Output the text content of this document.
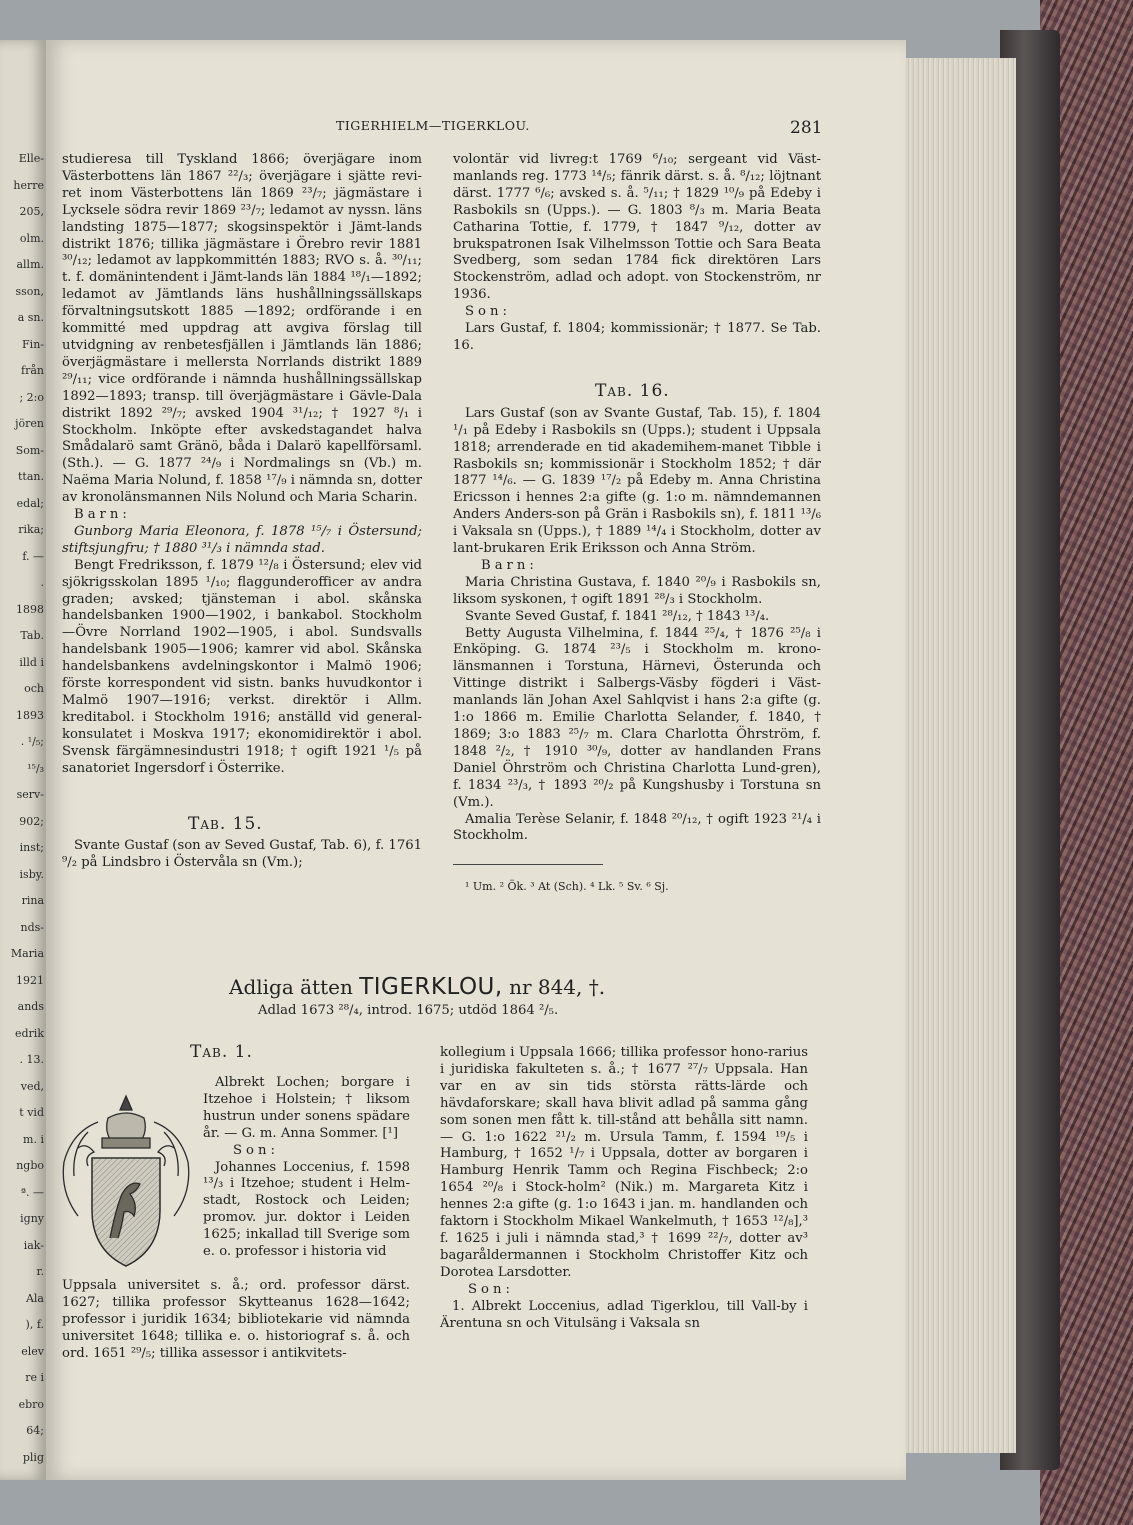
Elle-
herre
205,
olm.
allm.
sson,
a sn.
Fin-
från
; 2:o
jören
Som-
ttan.
edal;
rika;
f. —
.
1898
Tab.
illd i
och
1893
. ¹/₅;
¹⁵/₃
serv-
902;
inst;
isby.
rina
nds-
Maria
1921
ands
edrik
. 13.
ved,
t vid
m. i
ngbo
ª. —
igny
iak-
r.
Ala
), f.
elev
re i
ebro
64;
plig
TIGERHIELM—TIGERKLOU.	281

studieresa till Tyskland 1866; överjägare inom Västerbottens län 1867 ²²/₃; överjägare i sjätte revi-ret inom Västerbottens län 1869 ²³/₇; jägmästare i Lycksele södra revir 1869 ²³/₇; ledamot av nyssn. läns landsting 1875—1877; skogsinspektör i Jämt-lands distrikt 1876; tillika jägmästare i Örebro revir 1881 ³⁰/₁₂; ledamot av lappkommittén 1883; RVO s. å. ³⁰/₁₁; t. f. domänintendent i Jämt-lands län 1884 ¹⁸/₁—1892; ledamot av Jämtlands läns hushållningssällskaps förvaltningsutskott 1885 —1892; ordförande i en kommitté med uppdrag att avgiva förslag till utvidgning av renbetesfjällen i Jämtlands län 1886; överjägmästare i mellersta Norrlands distrikt 1889 ²⁹/₁₁; vice ordförande i nämnda hushållningssällskap 1892—1893; transp. till överjägmästare i Gävle-Dala distrikt 1892 ²⁹/₇; avsked 1904 ³¹/₁₂; † 1927 ⁸/₁ i Stockholm. Inköpte efter avskedstagandet halva Smådalarö samt Gränö, båda i Dalarö kapellförsaml. (Sth.). — G. 1877 ²⁴/₉ i Nordmalings sn (Vb.) m. Naëma Maria Nolund, f. 1858 ¹⁷/₉ i nämnda sn, dotter av kronolänsmannen Nils Nolund och Maria Scharin.

Barn:

Gunborg Maria Eleonora, f. 1878 ¹⁵/₇ i Östersund; stiftsjungfru; † 1880 ³¹/₃ i nämnda stad.

Bengt Fredriksson, f. 1879 ¹²/₈ i Östersund; elev vid sjökrigsskolan 1895 ¹/₁₀; flaggunderofficer av andra graden; avsked; tjänsteman i abol. skånska handelsbanken 1900—1902, i bankabol. Stockholm —Övre Norrland 1902—1905, i abol. Sundsvalls handelsbank 1905—1906; kamrer vid abol. Skånska handelsbankens avdelningskontor i Malmö 1906; förste korrespondent vid sistn. banks huvudkontor i Malmö 1907—1916; verkst. direktör i Allm. kreditabol. i Stockholm 1916; anställd vid general-konsulatet i Moskva 1917; ekonomidirektör i abol. Svensk färgämnesindustri 1918; † ogift 1921 ¹/₅ på sanatoriet Ingersdorf i Österrike.

Tab. 15.

Svante Gustaf (son av Seved Gustaf, Tab. 6), f. 1761 ⁹/₂ på Lindsbro i Östervåla sn (Vm.);

volontär vid livreg:t 1769 ⁶/₁₀; sergeant vid Väst-manlands reg. 1773 ¹⁴/₅; fänrik därst. s. å. ⁸/₁₂; löjtnant därst. 1777 ⁶/₆; avsked s. å. ⁵/₁₁; † 1829 ¹⁰/₉ på Edeby i Rasbokils sn (Upps.). — G. 1803 ⁸/₃ m. Maria Beata Catharina Tottie, f. 1779, † 1847 ⁹/₁₂, dotter av brukspatronen Isak Vilhelmsson Tottie och Sara Beata Svedberg, som sedan 1784 fick direktören Lars Stockenström, adlad och adopt. von Stockenström, nr 1936.

Son:

Lars Gustaf, f. 1804; kommissionär; † 1877. Se Tab. 16.

Tab. 16.

Lars Gustaf (son av Svante Gustaf, Tab. 15), f. 1804 ¹/₁ på Edeby i Rasbokils sn (Upps.); student i Uppsala 1818; arrenderade en tid akademihem-manet Tibble i Rasbokils sn; kommissionär i Stockholm 1852; † där 1877 ¹⁴/₆. — G. 1839 ¹⁷/₂ på Edeby m. Anna Christina Ericsson i hennes 2:a gifte (g. 1:o m. nämndemannen Anders Anders-son på Grän i Rasbokils sn), f. 1811 ¹³/₆ i Vaksala sn (Upps.), † 1889 ¹⁴/₄ i Stockholm, dotter av lant-brukaren Erik Eriksson och Anna Ström.

Barn:

Maria Christina Gustava, f. 1840 ²⁰/₉ i Rasbokils sn, liksom syskonen, † ogift 1891 ²⁸/₃ i Stockholm.

Svante Seved Gustaf, f. 1841 ²⁸/₁₂, † 1843 ¹³/₄.

Betty Augusta Vilhelmina, f. 1844 ²⁵/₄, † 1876 ²⁵/₈ i Enköping. G. 1874 ²³/₅ i Stockholm m. krono-länsmannen i Torstuna, Härnevi, Österunda och Vittinge distrikt i Salbergs-Väsby fögderi i Väst-manlands län Johan Axel Sahlqvist i hans 2:a gifte (g. 1:o 1866 m. Emilie Charlotta Selander, f. 1840, † 1869; 3:o 1883 ²⁵/₇ m. Clara Charlotta Öhrström, f. 1848 ²/₂, † 1910 ³⁰/₉, dotter av handlanden Frans Daniel Öhrström och Christina Charlotta Lund-gren), f. 1834 ²³/₃, † 1893 ²⁰/₂ på Kungshusby i Torstuna sn (Vm.).

Amalia Terèse Selanir, f. 1848 ²⁰/₁₂, † ogift 1923 ²¹/₄ i Stockholm.

¹ Um. ² Ök. ³ At (Sch). ⁴ Lk. ⁵ Sv. ⁶ Sj.
Adliga ätten TIGERKLOU, nr 844, †.
Adlad 1673 ²⁸/₄, introd. 1675; utdöd 1864 ²/₅.
Tab. 1.

Albrekt Lochen; borgare i Itzehoe i Holstein; † liksom hustrun under sonens spädare år. — G. m. Anna Sommer. [¹]

Son:

Johannes Loccenius, f. 1598 ¹³/₃ i Itzehoe; student i Helm-stadt, Rostock och Leiden; promov. jur. doktor i Leiden 1625; inkallad till Sverige som e. o. professor i historia vid

Uppsala universitet s. å.; ord. professor därst. 1627; tillika professor Skytteanus 1628—1642; professor i juridik 1634; bibliotekarie vid nämnda universitet 1648; tillika e. o. historiograf s. å. och ord. 1651 ²⁹/₅; tillika assessor i antikvitets-

kollegium i Uppsala 1666; tillika professor hono-rarius i juridiska fakulteten s. å.; † 1677 ²⁷/₇ Uppsala. Han var en av sin tids största rätts-lärde och hävdaforskare; skall hava blivit adlad på samma gång som sonen men fått k. till-stånd att behålla sitt namn. — G. 1:o 1622 ²¹/₂ m. Ursula Tamm, f. 1594 ¹⁹/₅ i Hamburg, † 1652 ¹/₇ i Uppsala, dotter av borgaren i Hamburg Henrik Tamm och Regina Fischbeck; 2:o 1654 ²⁰/₈ i Stock-holm² (Nik.) m. Margareta Kitz i hennes 2:a gifte (g. 1:o 1643 i jan. m. handlanden och faktorn i Stockholm Mikael Wankelmuth, † 1653 ¹²/₈],³ f. 1625 i juli i nämnda stad,³ † 1699 ²²/₇, dotter av³ bagaråldermannen i Stockholm Christoffer Kitz och Dorotea Larsdotter.

Son:

1. Albrekt Loccenius, adlad Tigerklou, till Vall-by i Ärentuna sn och Vitulsäng i Vaksala sn
